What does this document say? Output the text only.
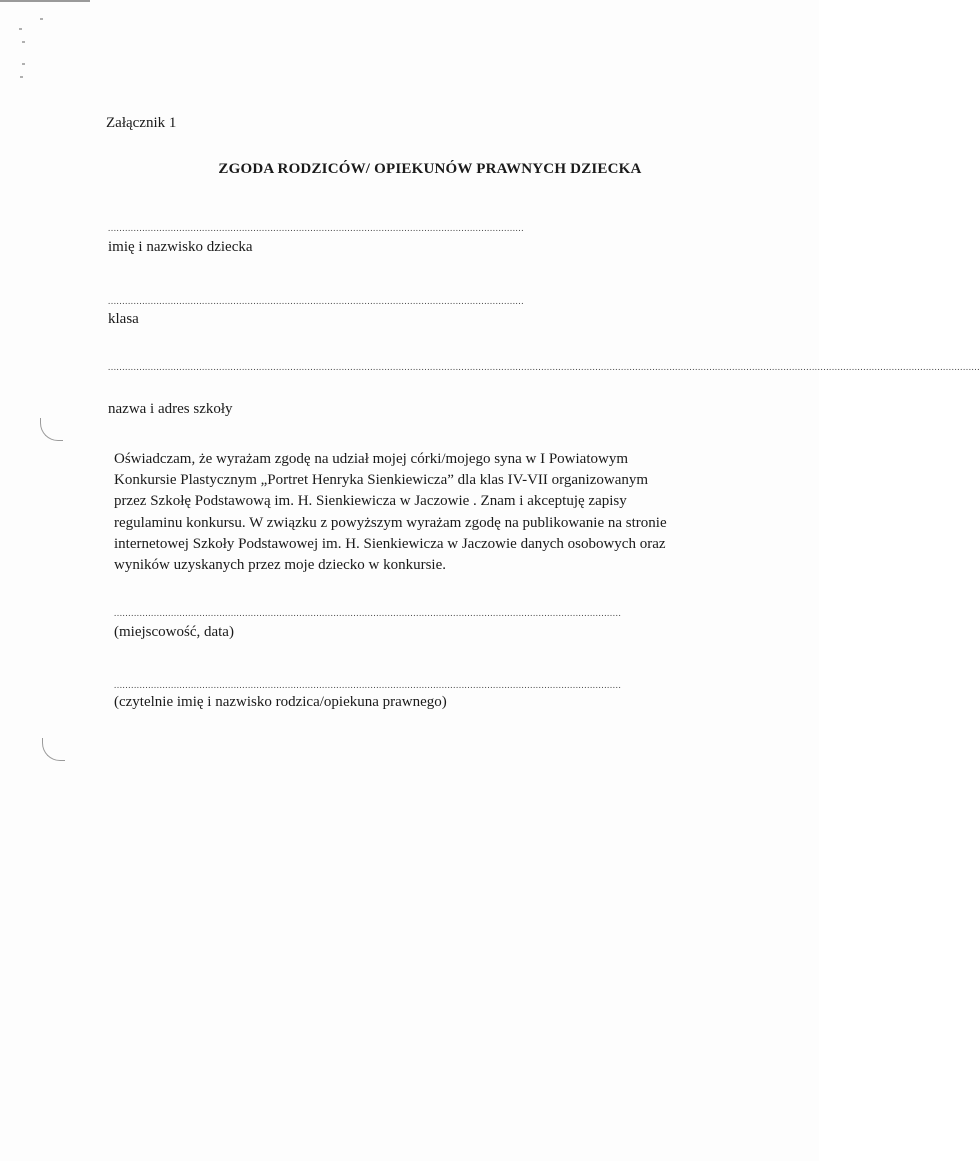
Załącznik 1
ZGODA RODZICÓW/ OPIEKUNÓW PRAWNYCH DZIECKA
..................................................................................................................................................
imię i nazwisko dziecka
..................................................................................................................................................
klasa
..................................................................................................................................................................................................................................................................................................................
nazwa i adres szkoły

Oświadczam, że wyrażam zgodę na udział mojej córki/mojego syna w I Powiatowym

Konkursie Plastycznym „Portret Henryka Sienkiewicza” dla klas IV-VII organizowanym

przez Szkołę Podstawową im. H. Sienkiewicza w Jaczowie . Znam i akceptuję zapisy

regulaminu konkursu. W związku z powyższym wyrażam zgodę na publikowanie na stronie

internetowej Szkoły Podstawowej im. H. Sienkiewicza w Jaczowie danych osobowych oraz

wyników uzyskanych przez moje dziecko w konkursie.

..................................................................................................................................................................................
(miejscowość, data)
..................................................................................................................................................................................
(czytelnie imię i nazwisko rodzica/opiekuna prawnego)
